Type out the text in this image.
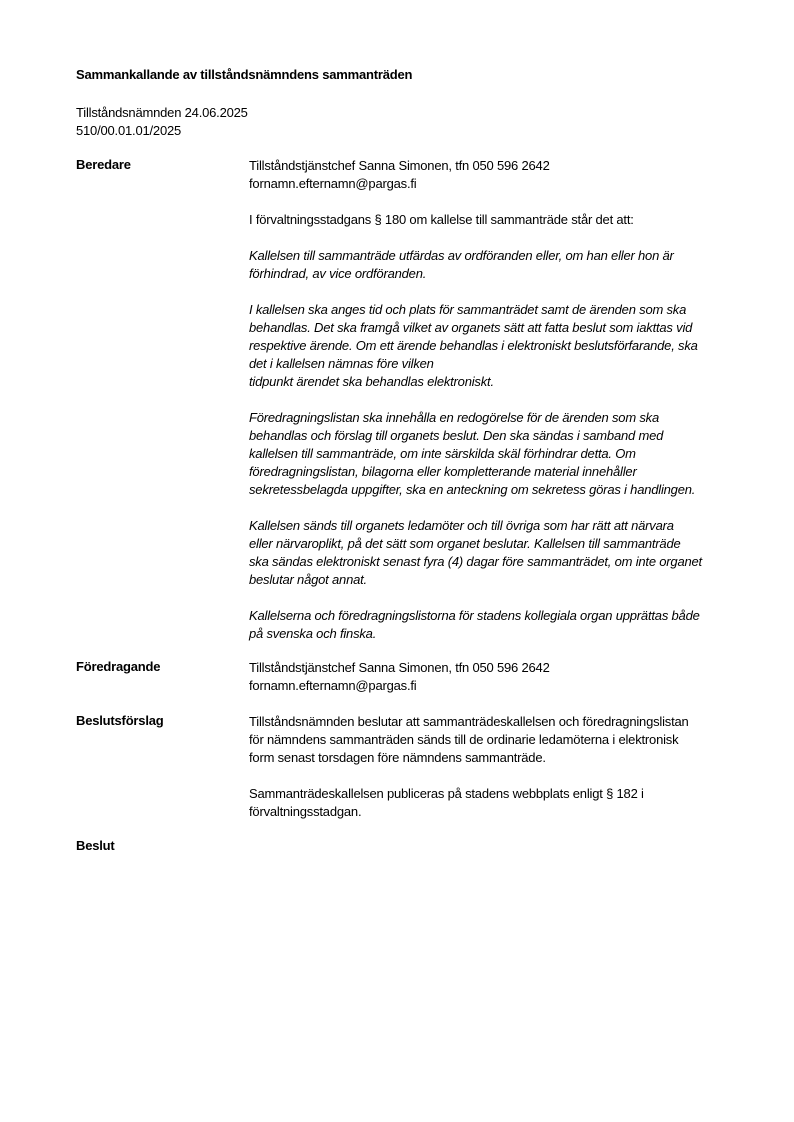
Sammankallande av tillståndsnämndens sammanträden
Tillståndsnämnden 24.06.2025
510/00.01.01/2025
Beredare	Tillståndstjänstchef Sanna Simonen, tfn 050 596 2642
fornamn.efternamn@pargas.fi

I förvaltningsstadgans § 180 om kallelse till sammanträde står det att:

Kallelsen till sammanträde utfärdas av ordföranden eller, om han eller hon är
förhindrad, av vice ordföranden.

I kallelsen ska anges tid och plats för sammanträdet samt de ärenden som ska
behandlas. Det ska framgå vilket av organets sätt att fatta beslut som iakttas vid
respektive ärende. Om ett ärende behandlas i elektroniskt beslutsförfarande, ska
det i kallelsen nämnas före vilken
tidpunkt ärendet ska behandlas elektroniskt.

Föredragningslistan ska innehålla en redogörelse för de ärenden som ska
behandlas och förslag till organets beslut. Den ska sändas i samband med
kallelsen till sammanträde, om inte särskilda skäl förhindrar detta. Om
föredragningslistan, bilagorna eller kompletterande material innehåller
sekretessbelagda uppgifter, ska en anteckning om sekretess göras i handlingen.

Kallelsen sänds till organets ledamöter och till övriga som har rätt att närvara
eller närvaroplikt, på det sätt som organet beslutar. Kallelsen till sammanträde
ska sändas elektroniskt senast fyra (4) dagar före sammanträdet, om inte organet
beslutar något annat.

Kallelserna och föredragningslistorna för stadens kollegiala organ upprättas både
på svenska och finska.

Föredragande	Tillståndstjänstchef Sanna Simonen, tfn 050 596 2642
fornamn.efternamn@pargas.fi

Beslutsförslag	Tillståndsnämnden beslutar att sammanträdeskallelsen och föredragningslistan
för nämndens sammanträden sänds till de ordinarie ledamöterna i elektronisk
form senast torsdagen före nämndens sammanträde.

Sammanträdeskallelsen publiceras på stadens webbplats enligt § 182 i
förvaltningsstadgan.

Beslut
